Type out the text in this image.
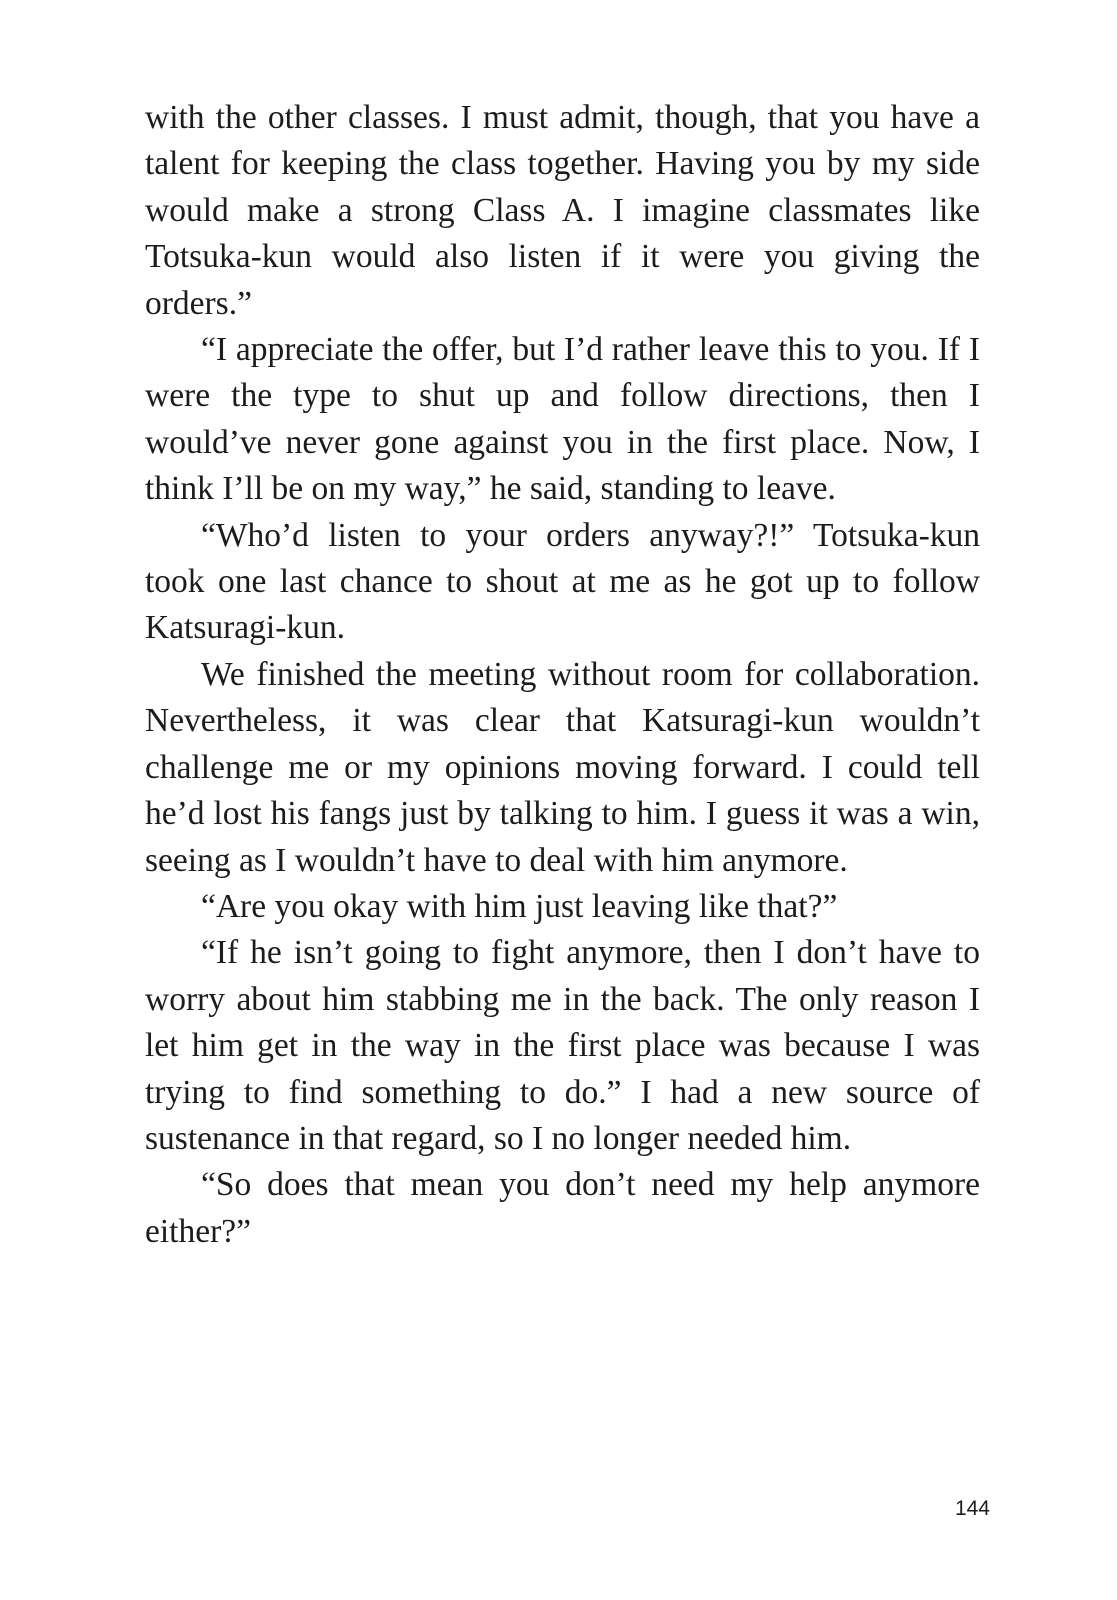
with the other classes. I must admit, though, that you have a talent for keeping the class together. Having you by my side would make a strong Class A. I imagine classmates like Totsuka-kun would also listen if it were you giving the orders.”

“I appreciate the offer, but I’d rather leave this to you. If I were the type to shut up and follow directions, then I would’ve never gone against you in the first place. Now, I think I’ll be on my way,” he said, standing to leave.

“Who’d listen to your orders anyway?!” Totsuka-kun took one last chance to shout at me as he got up to follow Katsuragi-kun.

We finished the meeting without room for collaboration. Nevertheless, it was clear that Katsuragi-kun wouldn’t challenge me or my opinions moving forward. I could tell he’d lost his fangs just by talking to him. I guess it was a win, seeing as I wouldn’t have to deal with him anymore.

“Are you okay with him just leaving like that?”

“If he isn’t going to fight anymore, then I don’t have to worry about him stabbing me in the back. The only reason I let him get in the way in the first place was because I was trying to find something to do.” I had a new source of sustenance in that regard, so I no longer needed him.

“So does that mean you don’t need my help anymore either?”

144
